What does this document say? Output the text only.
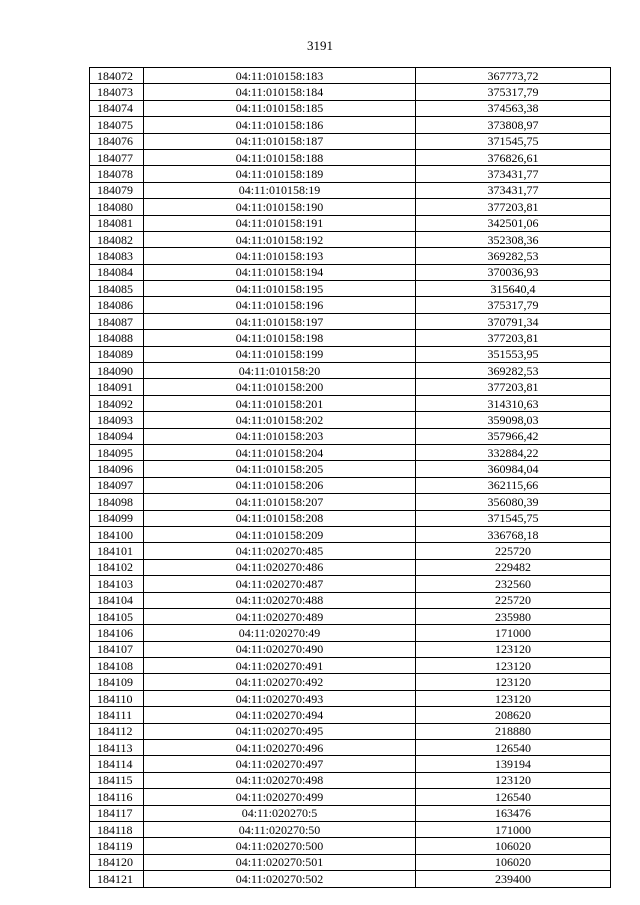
3191
184072	04:11:010158:183	367773,72
184073	04:11:010158:184	375317,79
184074	04:11:010158:185	374563,38
184075	04:11:010158:186	373808,97
184076	04:11:010158:187	371545,75
184077	04:11:010158:188	376826,61
184078	04:11:010158:189	373431,77
184079	04:11:010158:19	373431,77
184080	04:11:010158:190	377203,81
184081	04:11:010158:191	342501,06
184082	04:11:010158:192	352308,36
184083	04:11:010158:193	369282,53
184084	04:11:010158:194	370036,93
184085	04:11:010158:195	315640,4
184086	04:11:010158:196	375317,79
184087	04:11:010158:197	370791,34
184088	04:11:010158:198	377203,81
184089	04:11:010158:199	351553,95
184090	04:11:010158:20	369282,53
184091	04:11:010158:200	377203,81
184092	04:11:010158:201	314310,63
184093	04:11:010158:202	359098,03
184094	04:11:010158:203	357966,42
184095	04:11:010158:204	332884,22
184096	04:11:010158:205	360984,04
184097	04:11:010158:206	362115,66
184098	04:11:010158:207	356080,39
184099	04:11:010158:208	371545,75
184100	04:11:010158:209	336768,18
184101	04:11:020270:485	225720
184102	04:11:020270:486	229482
184103	04:11:020270:487	232560
184104	04:11:020270:488	225720
184105	04:11:020270:489	235980
184106	04:11:020270:49	171000
184107	04:11:020270:490	123120
184108	04:11:020270:491	123120
184109	04:11:020270:492	123120
184110	04:11:020270:493	123120
184111	04:11:020270:494	208620
184112	04:11:020270:495	218880
184113	04:11:020270:496	126540
184114	04:11:020270:497	139194
184115	04:11:020270:498	123120
184116	04:11:020270:499	126540
184117	04:11:020270:5	163476
184118	04:11:020270:50	171000
184119	04:11:020270:500	106020
184120	04:11:020270:501	106020
184121	04:11:020270:502	239400
